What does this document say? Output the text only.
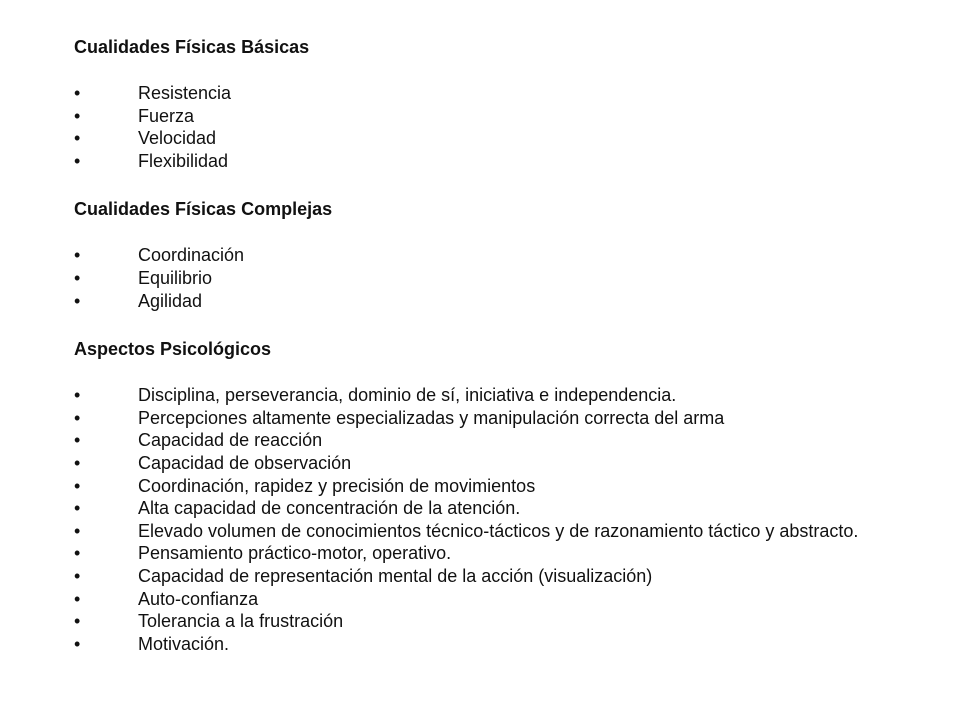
Cualidades Físicas Básicas
•	Resistencia
•	Fuerza
•	Velocidad
•	Flexibilidad
Cualidades Físicas Complejas
•	Coordinación
•	Equilibrio
•	Agilidad
Aspectos Psicológicos
•	Disciplina, perseverancia, dominio de sí, iniciativa e independencia.
•	Percepciones altamente especializadas y manipulación correcta del arma
•	Capacidad de reacción
•	Capacidad de observación
•	Coordinación, rapidez y precisión de movimientos
•	Alta capacidad de concentración de la atención.
•	Elevado volumen de conocimientos técnico-tácticos y de razonamiento táctico y abstracto.
•	Pensamiento práctico-motor, operativo.
•	Capacidad de representación mental de la acción (visualización)
•	Auto-confianza
•	Tolerancia a la frustración
•	Motivación.
